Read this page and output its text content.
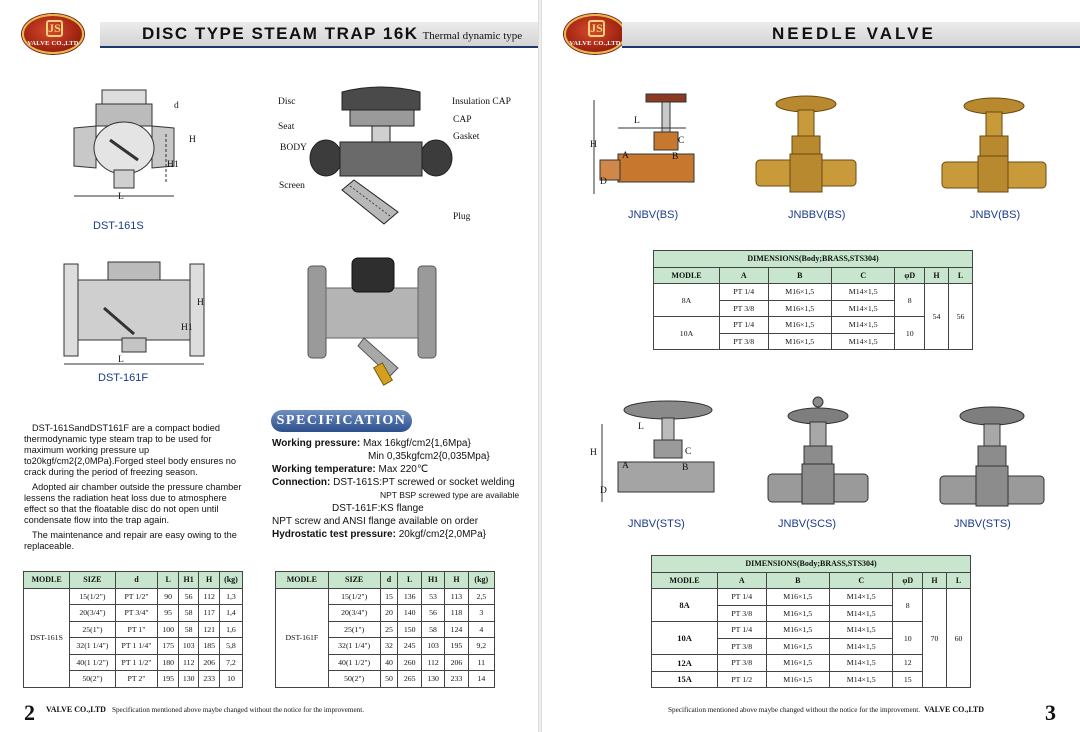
JS
VALVE CO.,LTD
DISC TYPE STEAM TRAP 16K Thermal dynamic type
d
H
H1
L
DST-161S
Disc
Seat
BODY
Screen
Insulation CAP
CAP
Gasket
Plug
H
H1
L
DST-161F

DST-161SandDST161F are a compact bodied thermodynamic type steam trap to be used for maximum working pressure up to20kgf/cm2{2,0MPa}.Forged steel body ensures no crack during the period of freezing season.

Adopted air chamber outside the pressure chamber lessens the radiation heat loss due to atmosphere effect so that the floatable disc do not open until condensate flow into the trap again.

The maintenance and repair are easy owing to the replaceable.

SPECIFICATION
Working pressure: Max 16kgf/cm2{1,6Mpa}
Min 0,35kgfcm2{0,035Mpa}
Working temperature: Max 220℃
Connection: DST-161S:PT screwed or socket welding
NPT BSP screwed type are available
DST-161F:KS flange
NPT screw and ANSI flange available on order
Hydrostatic test pressure: 20kgf/cm2{2,0MPa}
MODLE	SIZE	d	L	H1	H	(kg)
DST-161S	15(1/2")	PT 1/2"	90	56	112	1,3
	20(3/4")	PT 3/4"	95	58	117	1,4
	25(1")	PT 1"	100	58	121	1,6
	32(1 1/4")	PT 1 1/4"	175	103	185	5,8
	40(1 1/2")	PT 1 1/2"	180	112	206	7,2
	50(2")	PT 2"	195	130	233	10
MODLE	SIZE	d	L	H1	H	(kg)
DST-161F	15(1/2")	15	136	53	113	2,5
	20(3/4")	20	140	56	118	3
	25(1")	25	150	58	124	4
	32(1 1/4")	32	245	103	195	9,2
	40(1 1/2")	40	260	112	206	11
	50(2")	50	265	130	233	14
2	VALVE CO.,LTD Specification mentioned above maybe changed without the notice for the improvement.
JS
VALVE CO.,LTD
NEEDLE VALVE
H
L
C
B
A
D
JNBV(BS)	JNBBV(BS)	JNBV(BS)
H
L
C
B
A
D
JNBV(STS)	JNBV(SCS)	JNBV(STS)
3
Specification mentioned above maybe changed without the notice for the improvement. VALVE CO.,LTD
DIMENSIONS(Body;BRASS,STS304)						
MODLE	A	B	C	φD	H	L
8A	PT 1/4	M16×1,5	M14×1,5	8	54	56
	PT 3/8	M16×1,5	M14×1,5			
10A	PT 1/4	M16×1,5	M14×1,5	10		
	PT 3/8	M16×1,5	M14×1,5			
DIMENSIONS(Body;BRASS,STS304)						
MODLE	A	B	C	φD	H	L
8A	PT 1/4	M16×1,5	M14×1,5	8	70	60
	PT 3/8	M16×1,5	M14×1,5			
10A	PT 1/4	M16×1,5	M14×1,5	10		
	PT 3/8	M16×1,5	M14×1,5			
12A	PT 3/8	M16×1,5	M14×1,5	12		
15A	PT 1/2	M16×1,5	M14×1,5	15		
